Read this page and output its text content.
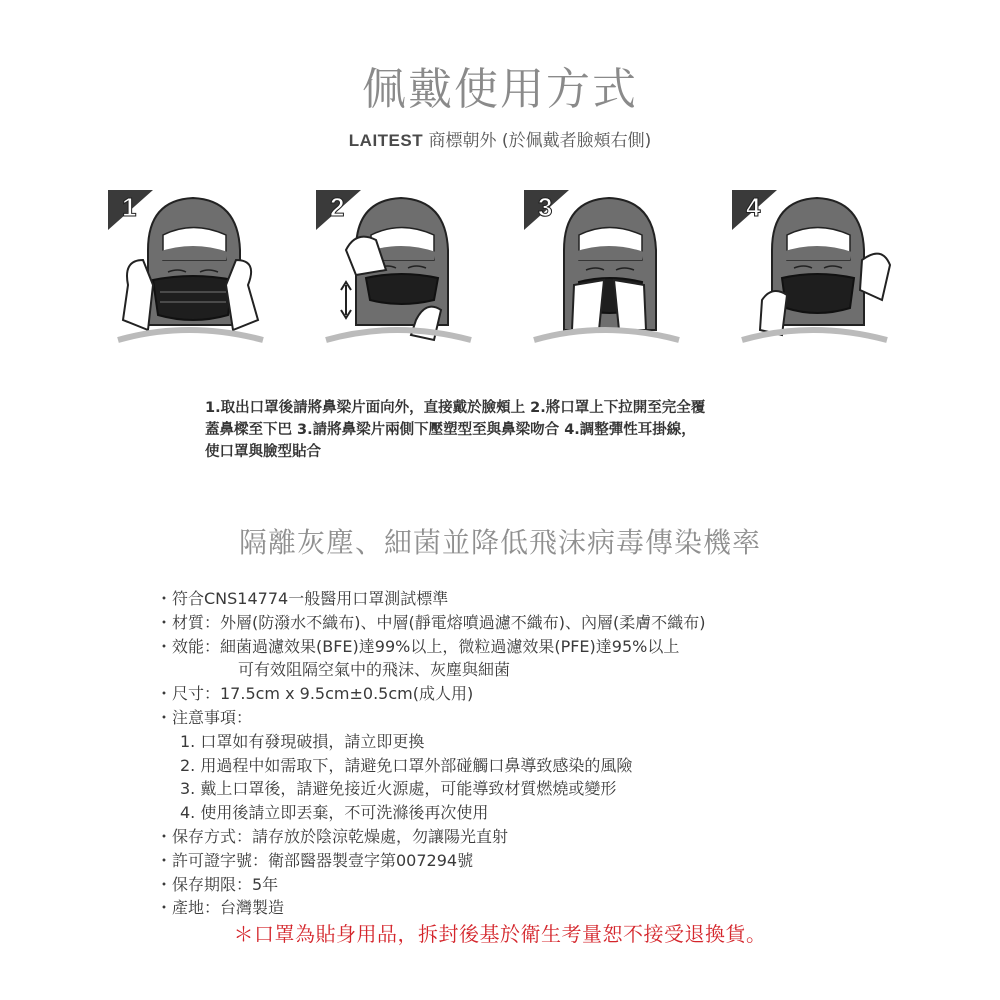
佩戴使用方式
LAITEST 商標朝外 (於佩戴者臉頰右側)
1	2	3	4
1.取出口罩後請將鼻梁片面向外，直接戴於臉頰上 2.將口罩上下拉開至完全覆
蓋鼻樑至下巴 3.請將鼻梁片兩側下壓塑型至與鼻梁吻合 4.調整彈性耳掛線，
使口罩與臉型貼合
隔離灰塵、細菌並降低飛沫病毒傳染機率
・符合CNS14774一般醫用口罩測試標準
・材質：外層(防潑水不織布)、中層(靜電熔噴過濾不織布)、內層(柔膚不織布)
・效能：細菌過濾效果(BFE)達99%以上，微粒過濾效果(PFE)達95%以上
可有效阻隔空氣中的飛沫、灰塵與細菌
・尺寸：17.5cm x 9.5cm±0.5cm(成人用)
・注意事項：
1. 口罩如有發現破損，請立即更換
2. 用過程中如需取下，請避免口罩外部碰觸口鼻導致感染的風險
3. 戴上口罩後，請避免接近火源處，可能導致材質燃燒或變形
4. 使用後請立即丟棄，不可洗滌後再次使用
・保存方式：請存放於陰涼乾燥處，勿讓陽光直射
・許可證字號：衛部醫器製壹字第007294號
・保存期限：5年
・產地：台灣製造
＊口罩為貼身用品，拆封後基於衛生考量恕不接受退換貨。
